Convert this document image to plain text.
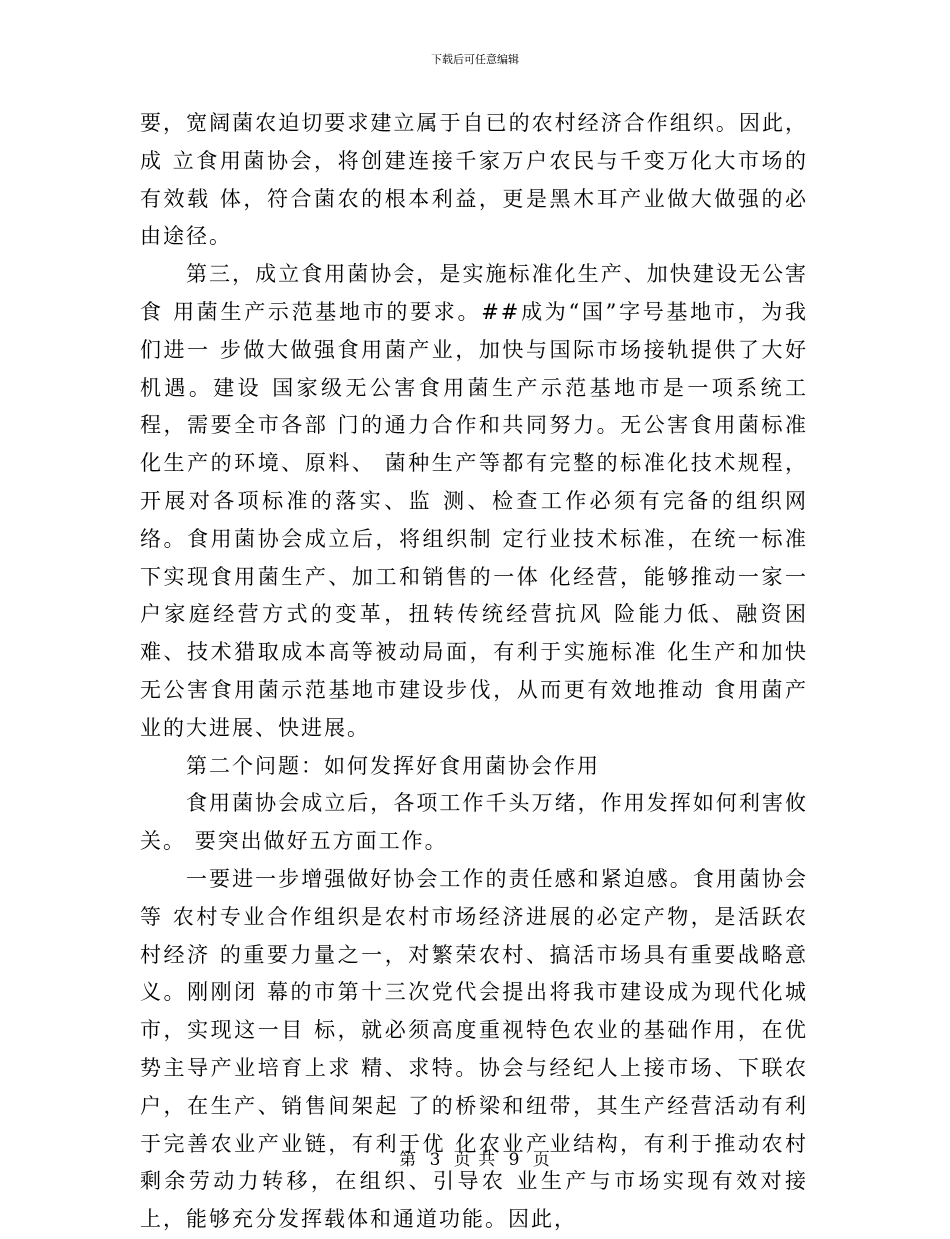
下载后可任意编辑

要，宽阔菌农迫切要求建立属于自已的农村经济合作组织。因此，成 立食用菌协会，将创建连接千家万户农民与千变万化大市场的有效载 体，符合菌农的根本利益，更是黑木耳产业做大做强的必由途径。

第三，成立食用菌协会，是实施标准化生产、加快建设无公害食 用菌生产示范基地市的要求。##成为“国”字号基地市，为我们进一 步做大做强食用菌产业，加快与国际市场接轨提供了大好机遇。建设 国家级无公害食用菌生产示范基地市是一项系统工程，需要全市各部 门的通力合作和共同努力。无公害食用菌标准化生产的环境、原料、 菌种生产等都有完整的标准化技术规程，开展对各项标准的落实、监 测、检查工作必须有完备的组织网络。食用菌协会成立后，将组织制 定行业技术标准，在统一标准下实现食用菌生产、加工和销售的一体 化经营，能够推动一家一户家庭经营方式的变革，扭转传统经营抗风 险能力低、融资困难、技术猎取成本高等被动局面，有利于实施标准 化生产和加快无公害食用菌示范基地市建设步伐，从而更有效地推动 食用菌产业的大进展、快进展。

第二个问题：如何发挥好食用菌协会作用

食用菌协会成立后，各项工作千头万绪，作用发挥如何利害攸关。 要突出做好五方面工作。

一要进一步增强做好协会工作的责任感和紧迫感。食用菌协会等 农村专业合作组织是农村市场经济进展的必定产物，是活跃农村经济 的重要力量之一，对繁荣农村、搞活市场具有重要战略意义。刚刚闭 幕的市第十三次党代会提出将我市建设成为现代化城市，实现这一目 标，就必须高度重视特色农业的基础作用，在优势主导产业培育上求 精、求特。协会与经纪人上接市场、下联农户，在生产、销售间架起 了的桥梁和纽带，其生产经营活动有利于完善农业产业链，有利于优 化农业产业结构，有利于推动农村剩余劳动力转移，在组织、引导农 业生产与市场实现有效对接上，能够充分发挥载体和通道功能。因此，

第 3 页 共 9 页
